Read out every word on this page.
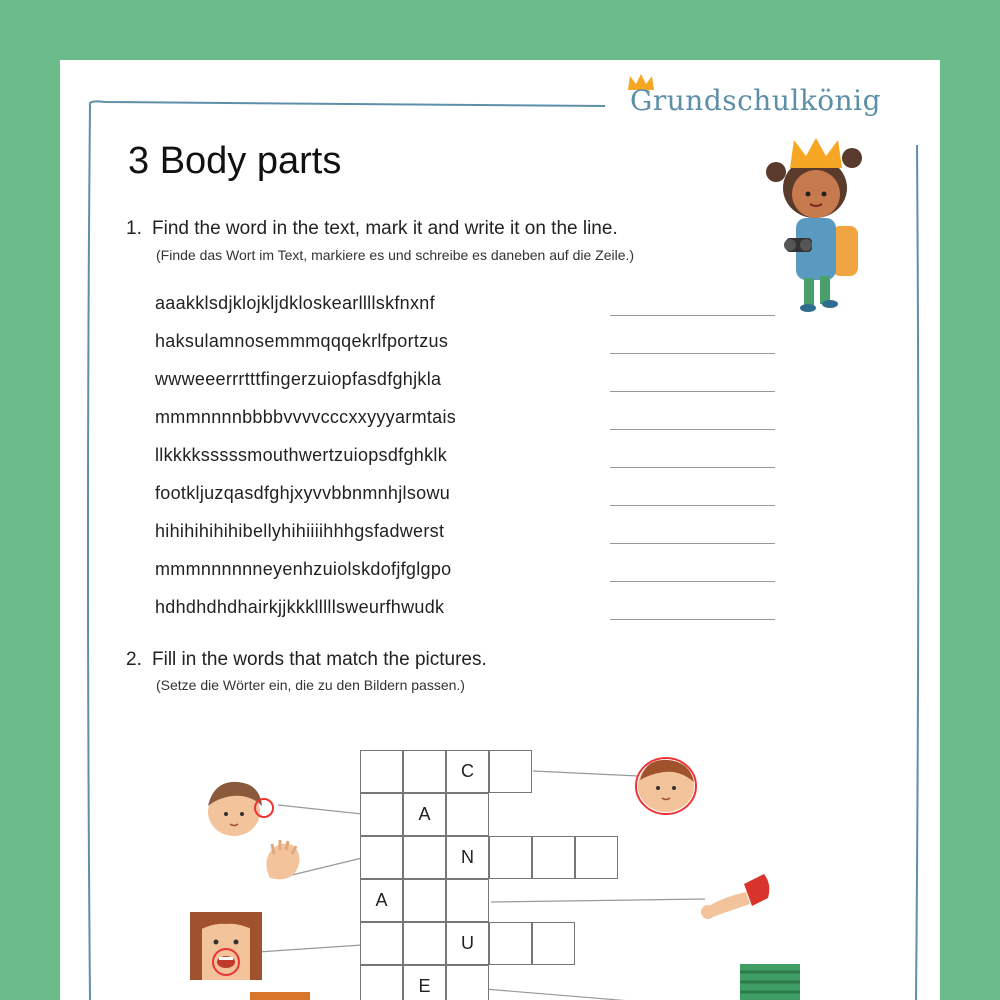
Grundschulkönig
3 Body parts
1. Find the word in the text, mark it and write it on the line.
(Finde das Wort im Text, markiere es und schreibe es daneben auf die Zeile.)
aaakklsdjklojkljdkloskearllllskfnxnf
haksulamnosemmmqqqekrlfportzus
wwweeerrrtttfingerzuiopfasdfghjkla
mmmnnnnbbbbvvvvcccxxyyyarmtais
llkkkksssssmouthwertzuiopsdfghklk
footkljuzqasdfghjxyvvbbnmnhjlsowu
hihihihihihibellyhihiiiihhhgsfadwerst
mmmnnnnnneyenhzuiolskdofjfglgpo
hdhdhdhdhairkjjkkklllllsweurfhwudk
2. Fill in the words that match the pictures.
(Setze die Wörter ein, die zu den Bildern passen.)
C
A
N
A
U
E
